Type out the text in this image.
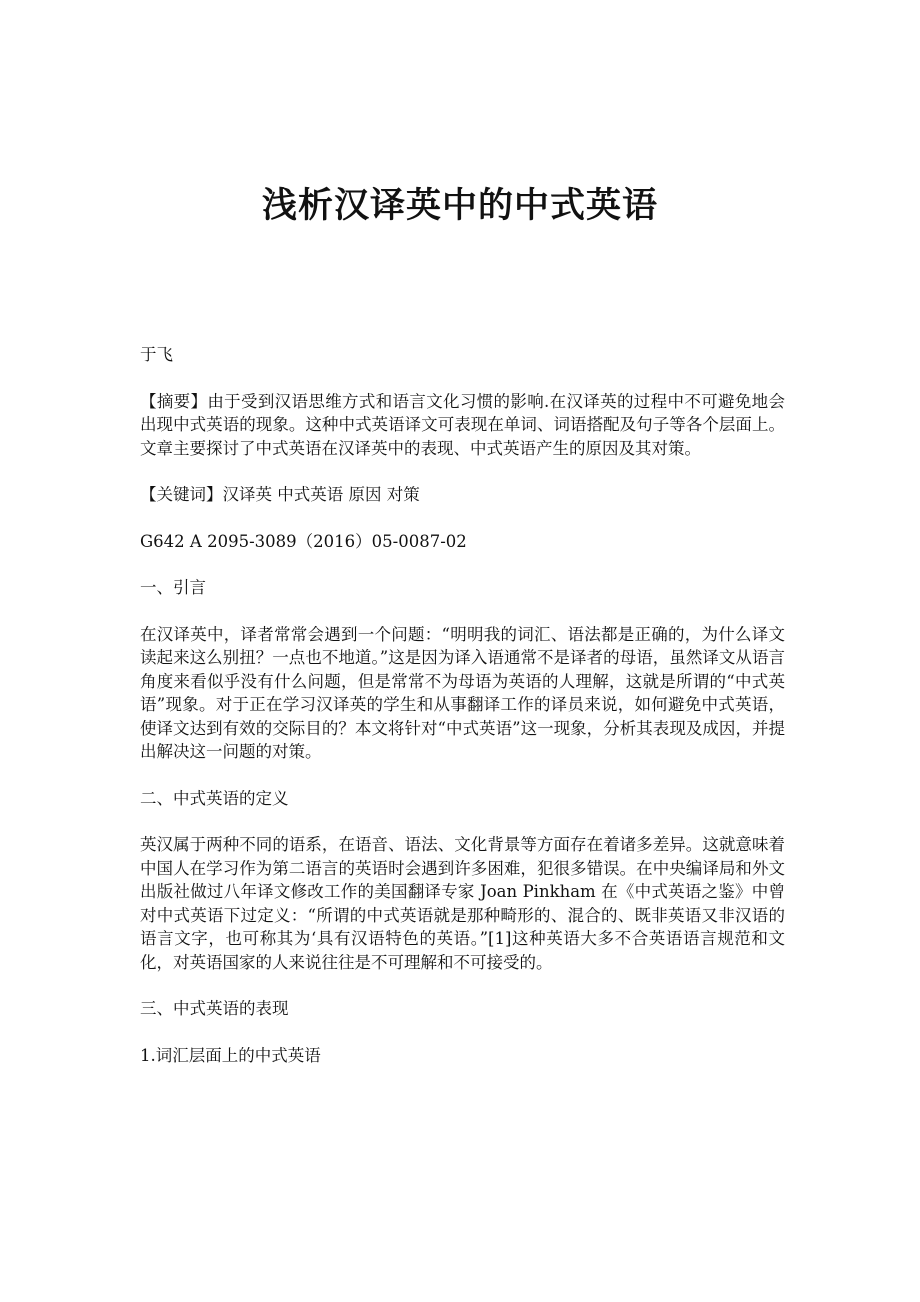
浅析汉译英中的中式英语

于飞

【摘要】由于受到汉语思维方式和语言文化习惯的影响.在汉译英的过程中不可避免地会出现中式英语的现象。这种中式英语译文可表现在单词、词语搭配及句子等各个层面上。文章主要探讨了中式英语在汉译英中的表现、中式英语产生的原因及其对策。

【关键词】汉译英 中式英语 原因 对策

G642 A 2095-3089（2016）05-0087-02

一、引言

在汉译英中，译者常常会遇到一个问题：“明明我的词汇、语法都是正确的，为什么译文读起来这么别扭？一点也不地道。”这是因为译入语通常不是译者的母语，虽然译文从语言角度来看似乎没有什么问题，但是常常不为母语为英语的人理解，这就是所谓的“中式英语”现象。对于正在学习汉译英的学生和从事翻译工作的译员来说，如何避免中式英语，使译文达到有效的交际目的？本文将针对“中式英语”这一现象，分析其表现及成因，并提出解决这一问题的对策。

二、中式英语的定义

英汉属于两种不同的语系，在语音、语法、文化背景等方面存在着诸多差异。这就意味着中国人在学习作为第二语言的英语时会遇到许多困难，犯很多错误。在中央编译局和外文出版社做过八年译文修改工作的美国翻译专家 Joan Pinkham 在《中式英语之鉴》中曾对中式英语下过定义：“所谓的中式英语就是那种畸形的、混合的、既非英语又非汉语的语言文字，也可称其为‘具有汉语特色的英语。”[1]这种英语大多不合英语语言规范和文化，对英语国家的人来说往往是不可理解和不可接受的。

三、中式英语的表现

1.词汇层面上的中式英语
